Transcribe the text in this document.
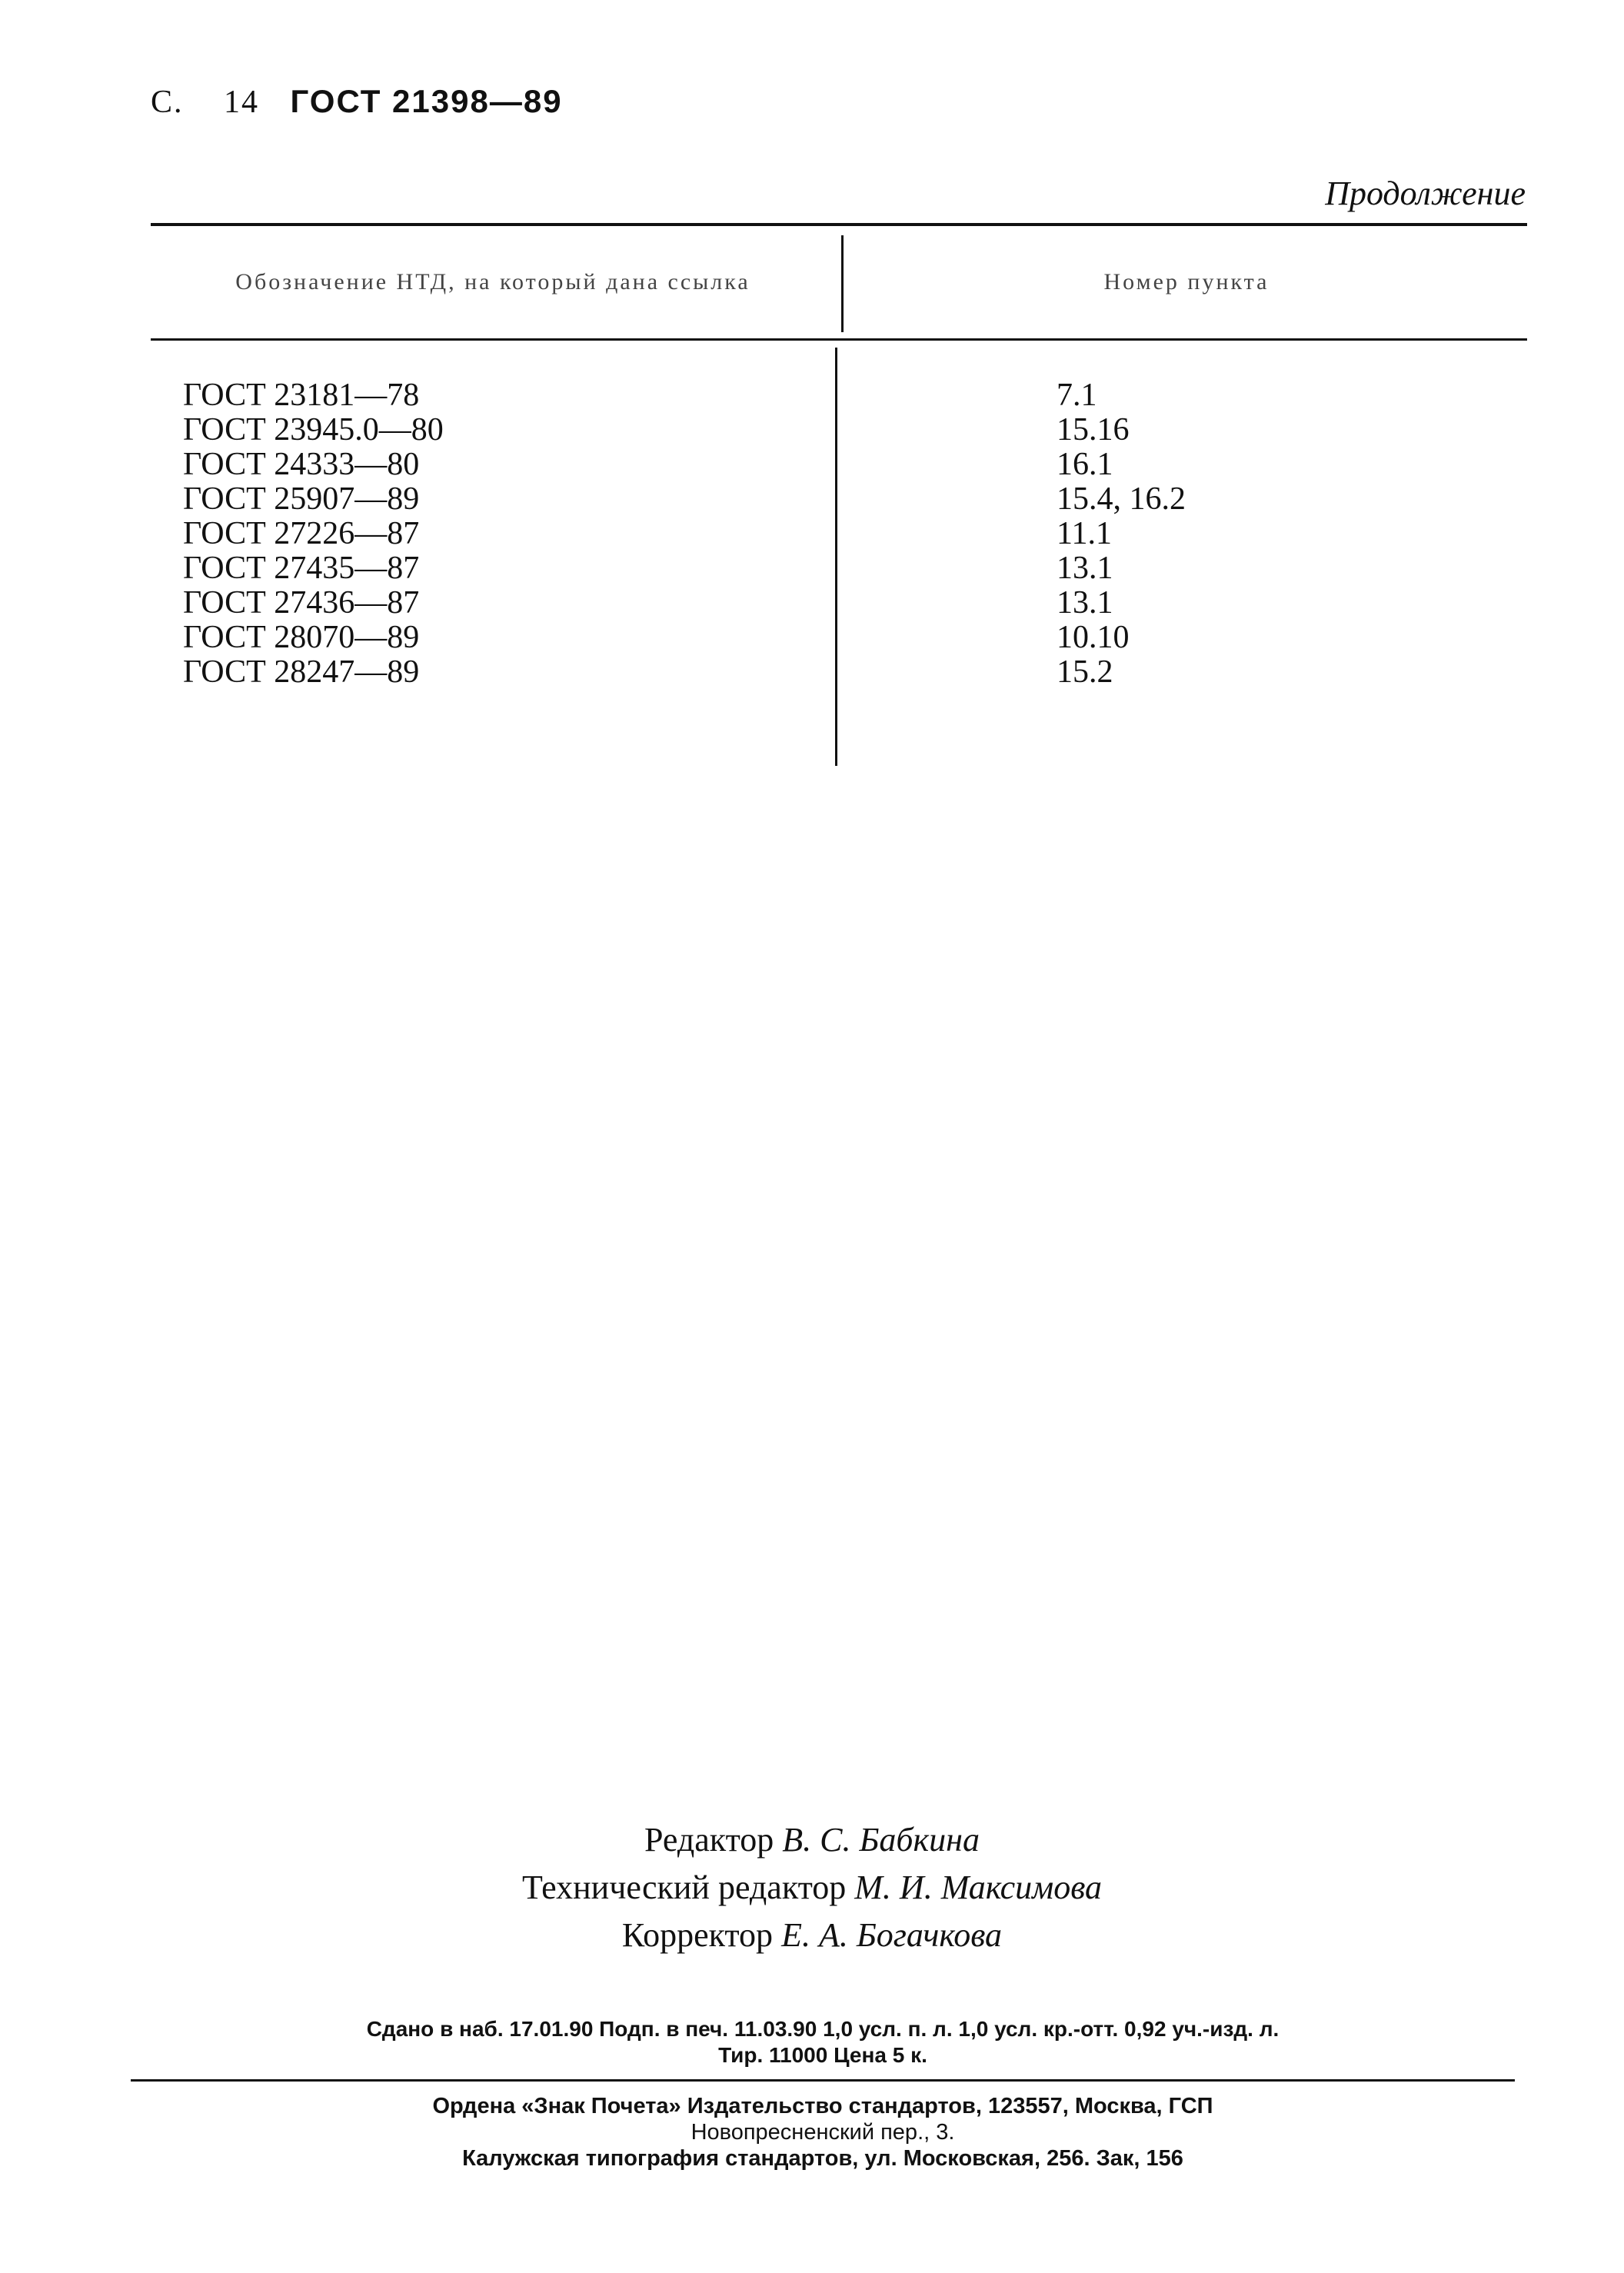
С. 14 ГОСТ 21398—89
Продолжение
Обозначение НТД, на который дана ссылка	Номер пункта
ГОСТ 23181—78
ГОСТ 23945.0—80
ГОСТ 24333—80
ГОСТ 25907—89
ГОСТ 27226—87
ГОСТ 27435—87
ГОСТ 27436—87
ГОСТ 28070—89
ГОСТ 28247—89
7.1
15.16
16.1
15.4, 16.2
11.1
13.1
13.1
10.10
15.2
Редактор В. С. Бабкина
Технический редактор М. И. Максимова
Корректор Е. А. Богачкова
Сдано в наб. 17.01.90 Подп. в печ. 11.03.90 1,0 усл. п. л. 1,0 усл. кр.-отт. 0,92 уч.-изд. л.
Тир. 11000 Цена 5 к.
Ордена «Знак Почета» Издательство стандартов, 123557, Москва, ГСП
Новопресненский пер., 3.
Калужская типография стандартов, ул. Московская, 256. Зак, 156
